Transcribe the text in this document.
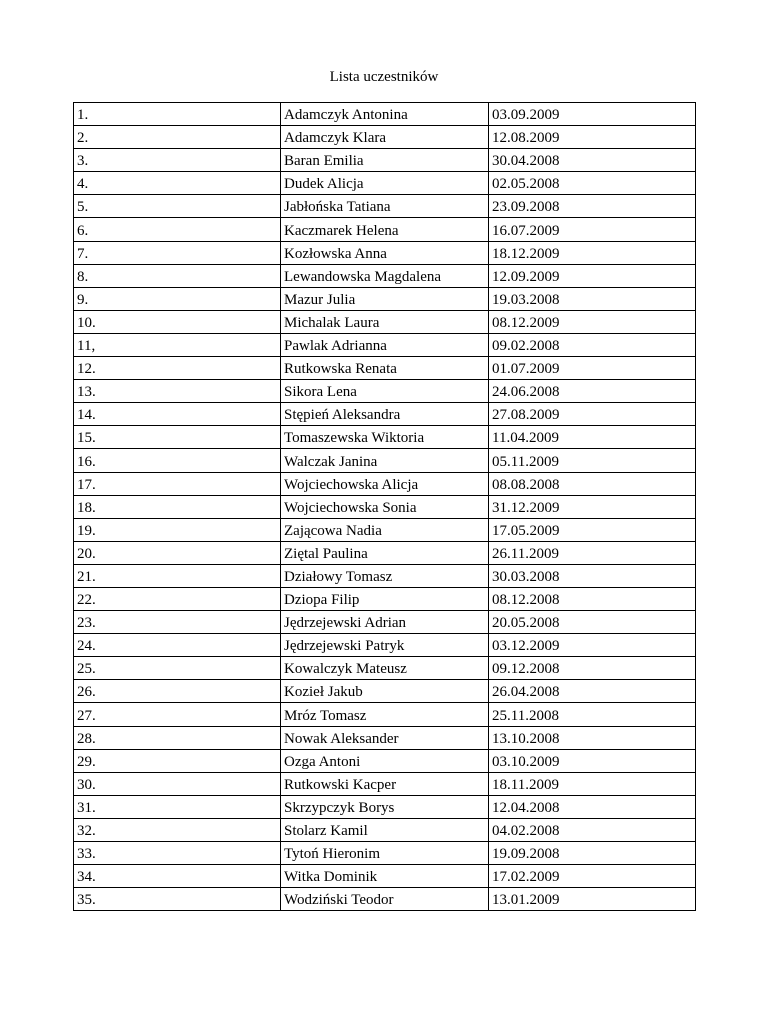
Lista uczestników
1.	Adamczyk Antonina	03.09.2009

2.	Adamczyk Klara	12.08.2009

3.	Baran Emilia	30.04.2008

4.	Dudek Alicja	02.05.2008

5.	Jabłońska Tatiana	23.09.2008

6.	Kaczmarek Helena	16.07.2009

7.	Kozłowska Anna	18.12.2009

8.	Lewandowska Magdalena	12.09.2009

9.	Mazur Julia	19.03.2008

10.	Michalak Laura	08.12.2009

11,	Pawlak Adrianna	09.02.2008

12.	Rutkowska Renata	01.07.2009

13.	Sikora Lena	24.06.2008

14.	Stępień Aleksandra	27.08.2009

15.	Tomaszewska Wiktoria	11.04.2009

16.	Walczak Janina	05.11.2009

17.	Wojciechowska Alicja	08.08.2008

18.	Wojciechowska Sonia	31.12.2009

19.	Zającowa Nadia	17.05.2009

20.	Ziętal Paulina	26.11.2009

21.	Działowy Tomasz	30.03.2008

22.	Dziopa Filip	08.12.2008

23.	Jędrzejewski Adrian	20.05.2008

24.	Jędrzejewski Patryk	03.12.2009

25.	Kowalczyk Mateusz	09.12.2008

26.	Kozieł Jakub	26.04.2008

27.	Mróz Tomasz	25.11.2008

28.	Nowak Aleksander	13.10.2008

29.	Ozga Antoni	03.10.2009

30.	Rutkowski Kacper	18.11.2009

31.	Skrzypczyk Borys	12.04.2008

32.	Stolarz Kamil	04.02.2008

33.	Tytoń Hieronim	19.09.2008

34.	Witka Dominik	17.02.2009

35.	Wodziński Teodor	13.01.2009
